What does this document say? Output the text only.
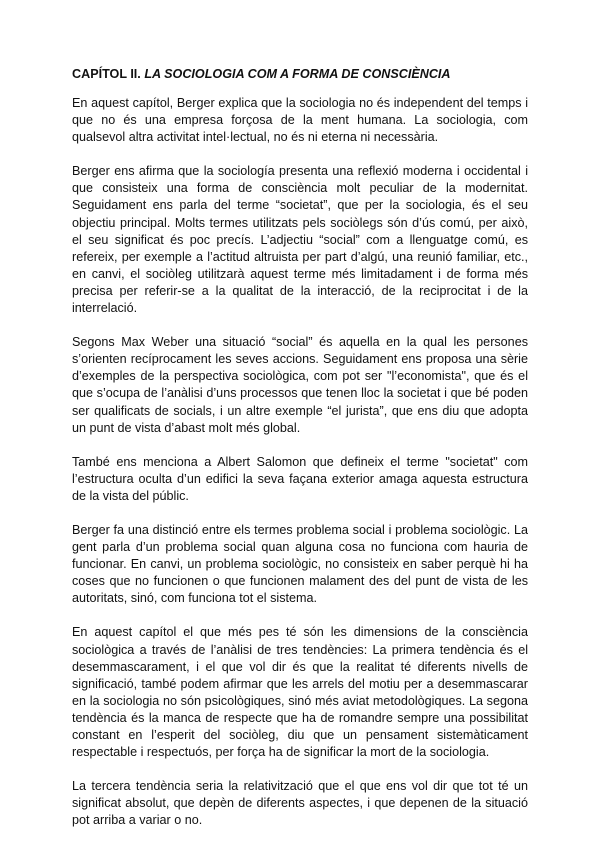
CAPÍTOL II. LA SOCIOLOGIA COM A FORMA DE CONSCIÈNCIA

En aquest capítol, Berger explica que la sociologia no és independent del temps i que no és una empresa forçosa de la ment humana. La sociologia, com qualsevol altra activitat intel·lectual, no és ni eterna ni necessària.

Berger ens afirma que la sociología presenta una reflexió moderna i occidental i que consisteix una forma de consciència molt peculiar de la modernitat. Seguidament ens parla del terme “societat”, que per la sociologia, és el seu objectiu principal. Molts termes utilitzats pels sociòlegs són d’ús comú, per això, el seu significat és poc precís. L’adjectiu “social” com a llenguatge comú, es refereix, per exemple a l’actitud altruista per part d’algú, una reunió familiar, etc., en canvi, el sociòleg utilitzarà aquest terme més limitadament i de forma més precisa per referir-se a la qualitat de la interacció, de la reciprocitat i de la interrelació.

Segons Max Weber una situació “social” és aquella en la qual les persones s’orienten recíprocament les seves accions. Seguidament ens proposa una sèrie d’exemples de la perspectiva sociològica, com pot ser "l’economista", que és el que s’ocupa de l’anàlisi d’uns processos que tenen lloc la societat i que bé poden ser qualificats de socials, i un altre exemple “el jurista”, que ens diu que adopta un punt de vista d’abast molt més global.

També ens menciona a Albert Salomon que defineix el terme "societat" com l’estructura oculta d’un edifici la seva façana exterior amaga aquesta estructura de la vista del públic.

Berger fa una distinció entre els termes problema social i problema sociològic. La gent parla d’un problema social quan alguna cosa no funciona com hauria de funcionar. En canvi, un problema sociològic, no consisteix en saber perquè hi ha coses que no funcionen o que funcionen malament des del punt de vista de les autoritats, sinó, com funciona tot el sistema.

En aquest capítol el que més pes té són les dimensions de la consciència sociològica a través de l’anàlisi de tres tendències: La primera tendència és el desemmascarament, i el que vol dir és que la realitat té diferents nivells de significació, també podem afirmar que les arrels del motiu per a desemmascarar en la sociologia no són psicològiques, sinó més aviat metodològiques. La segona tendència és la manca de respecte que ha de romandre sempre una possibilitat constant en l’esperit del sociòleg, diu que un pensament sistemàticament respectable i respectuós, per força ha de significar la mort de la sociologia.

La tercera tendència seria la relativització que el que ens vol dir que tot té un significat absolut, que depèn de diferents aspectes, i que depenen de la situació pot arriba a variar o no.
